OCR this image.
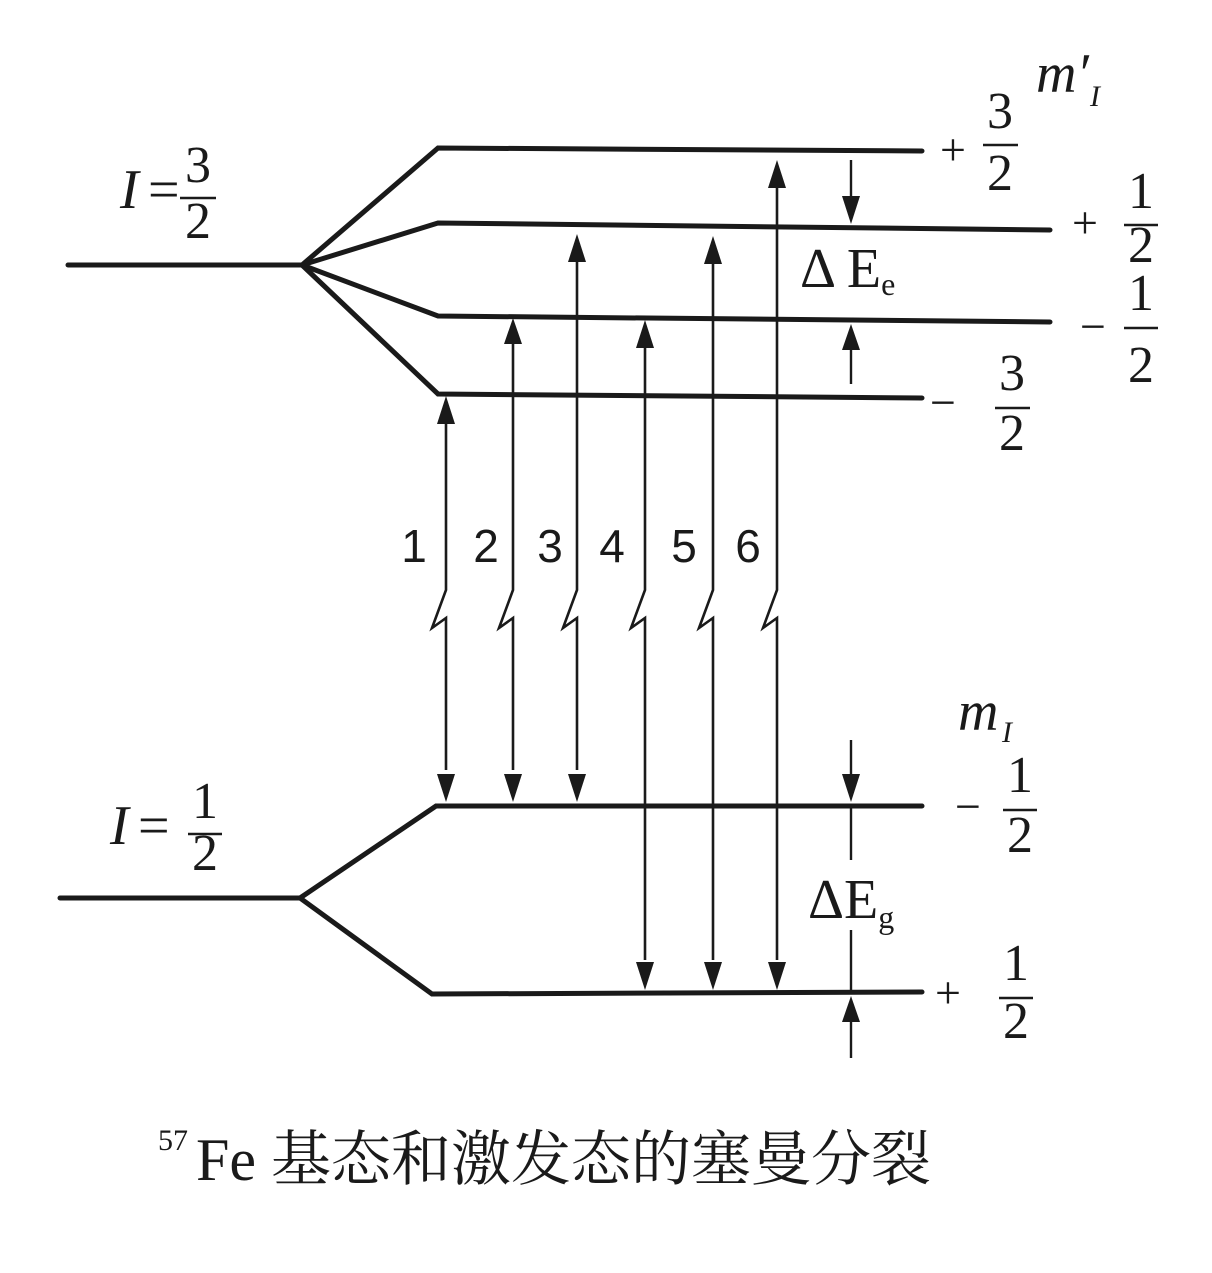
I = 3
2
m′ I
+
3
2
+
1
2
−
1
2
−
3
2
Δ Ee
I = 1
2
m I
−
1
2
+
1
2
ΔEg
1 2 3 4 5 6
57 Fe 基态和激发态的塞曼分裂
